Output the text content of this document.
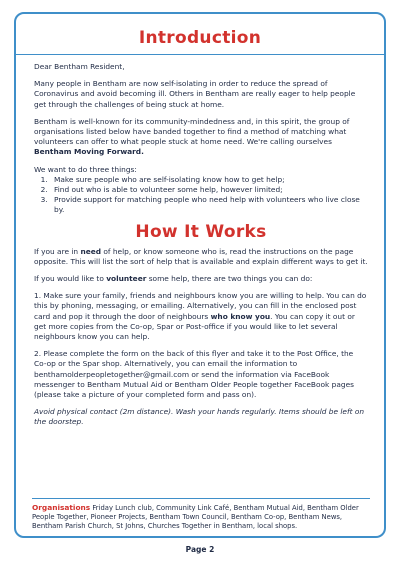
Introduction

Dear Bentham Resident,

Many people in Bentham are now self-isolating in order to reduce the spread of Coronavirus and avoid becoming ill. Others in Bentham are really eager to help people get through the challenges of being stuck at home.

Bentham is well-known for its community-mindedness and, in this spirit, the group of organisations listed below have banded together to find a method of matching what volunteers can offer to what people stuck at home need. We're calling ourselves Bentham Moving Forward.

We want to do three things:
1. Make sure people who are self-isolating know how to get help;
2. Find out who is able to volunteer some help, however limited;
3. Provide support for matching people who need help with volunteers who live close by.
How It Works

If you are in need of help, or know someone who is, read the instructions on the page opposite. This will list the sort of help that is available and explain different ways to get it.

If you would like to volunteer some help, there are two things you can do:

1. Make sure your family, friends and neighbours know you are willing to help. You can do this by phoning, messaging, or emailing. Alternatively, you can fill in the enclosed post card and pop it through the door of neighbours who know you. You can copy it out or get more copies from the Co-op, Spar or Post-office if you would like to let several neighbours know you can help.

2. Please complete the form on the back of this flyer and take it to the Post Office, the Co-op or the Spar shop. Alternatively, you can email the information to benthamolderpeopletogether@gmail.com or send the information via FaceBook messenger to Bentham Mutual Aid or Bentham Older People together FaceBook pages (please take a picture of your completed form and pass on).

Avoid physical contact (2m distance). Wash your hands regularly. Items should be left on the doorstep.

Organisations Friday Lunch club, Community Link Café, Bentham Mutual Aid, Bentham Older People Together, Pioneer Projects, Bentham Town Council, Bentham Co-op, Bentham News, Bentham Parish Church, St Johns, Churches Together in Bentham, local shops.
Page 2
